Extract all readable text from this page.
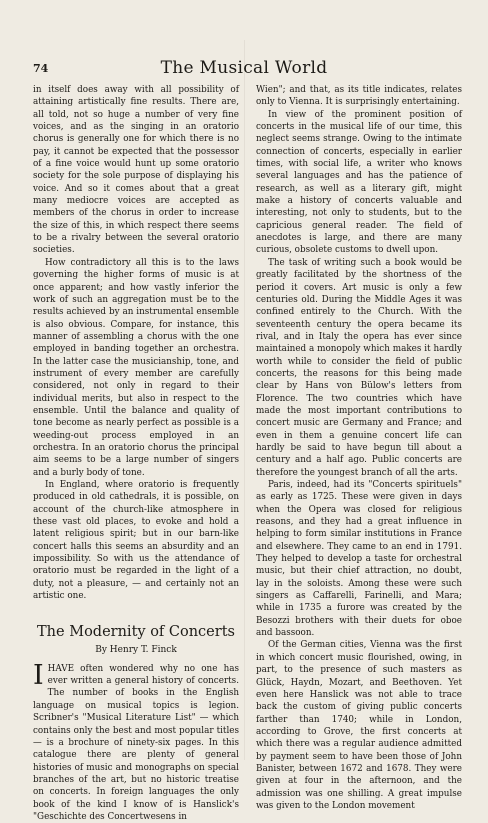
74	The Musical World

in itself does away with all possibility of attaining artistically fine results. There are, all told, not so huge a number of very fine voices, and as the singing in an oratorio chorus is generally one for which there is no pay, it cannot be expected that the possessor of a fine voice would hunt up some oratorio society for the sole purpose of displaying his voice. And so it comes about that a great many mediocre voices are accepted as members of the chorus in order to increase the size of this, in which respect there seems to be a rivalry between the several oratorio societies.

How contradictory all this is to the laws governing the higher forms of music is at once apparent; and how vastly inferior the work of such an aggregation must be to the results achieved by an instrumental ensemble is also obvious. Compare, for instance, this manner of assembling a chorus with the one employed in banding together an orchestra. In the latter case the musicianship, tone, and instrument of every member are carefully considered, not only in regard to their individual merits, but also in respect to the ensemble. Until the balance and quality of tone become as nearly perfect as possible is a weeding-out process employed in an orchestra. In an oratorio chorus the principal aim seems to be a large number of singers and a burly body of tone.

In England, where oratorio is frequently produced in old cathedrals, it is possible, on account of the church-like atmosphere in these vast old places, to evoke and hold a latent religious spirit; but in our barn-like concert halls this seems an absurdity and an impossibility. So with us the attendance of oratorio must be regarded in the light of a duty, not a pleasure, — and certainly not an artistic one.

The Modernity of Concerts
By Henry T. Finck

IHAVE often wondered why no one has ever written a general history of concerts. The number of books in the English language on musical topics is legion. Scribner's "Musical Literature List" — which contains only the best and most popular titles — is a brochure of ninety-six pages. In this catalogue there are plenty of general histories of music and monographs on special branches of the art, but no historic treatise on concerts. In foreign languages the only book of the kind I know of is Hanslick's "Geschichte des Concertwesens in

Wien"; and that, as its title indicates, relates only to Vienna. It is surprisingly entertaining.

In view of the prominent position of concerts in the musical life of our time, this neglect seems strange. Owing to the intimate connection of concerts, especially in earlier times, with social life, a writer who knows several languages and has the patience of research, as well as a literary gift, might make a history of concerts valuable and interesting, not only to students, but to the capricious general reader. The field of anecdotes is large, and there are many curious, obsolete customs to dwell upon.

The task of writing such a book would be greatly facilitated by the shortness of the period it covers. Art music is only a few centuries old. During the Middle Ages it was confined entirely to the Church. With the seventeenth century the opera became its rival, and in Italy the opera has ever since maintained a monopoly which makes it hardly worth while to consider the field of public concerts, the reasons for this being made clear by Hans von Bülow's letters from Florence. The two countries which have made the most important contributions to concert music are Germany and France; and even in them a genuine concert life can hardly be said to have begun till about a century and a half ago. Public concerts are therefore the youngest branch of all the arts.

Paris, indeed, had its "Concerts spirituels" as early as 1725. These were given in days when the Opera was closed for religious reasons, and they had a great influence in helping to form similar institutions in France and elsewhere. They came to an end in 1791. They helped to develop a taste for orchestral music, but their chief attraction, no doubt, lay in the soloists. Among these were such singers as Caffarelli, Farinelli, and Mara; while in 1735 a furore was created by the Besozzi brothers with their duets for oboe and bassoon.

Of the German cities, Vienna was the first in which concert music flourished, owing, in part, to the presence of such masters as Glück, Haydn, Mozart, and Beethoven. Yet even here Hanslick was not able to trace back the custom of giving public concerts farther than 1740; while in London, according to Grove, the first concerts at which there was a regular audience admitted by payment seem to have been those of John Banister, between 1672 and 1678. They were given at four in the afternoon, and the admission was one shilling. A great impulse was given to the London movement
